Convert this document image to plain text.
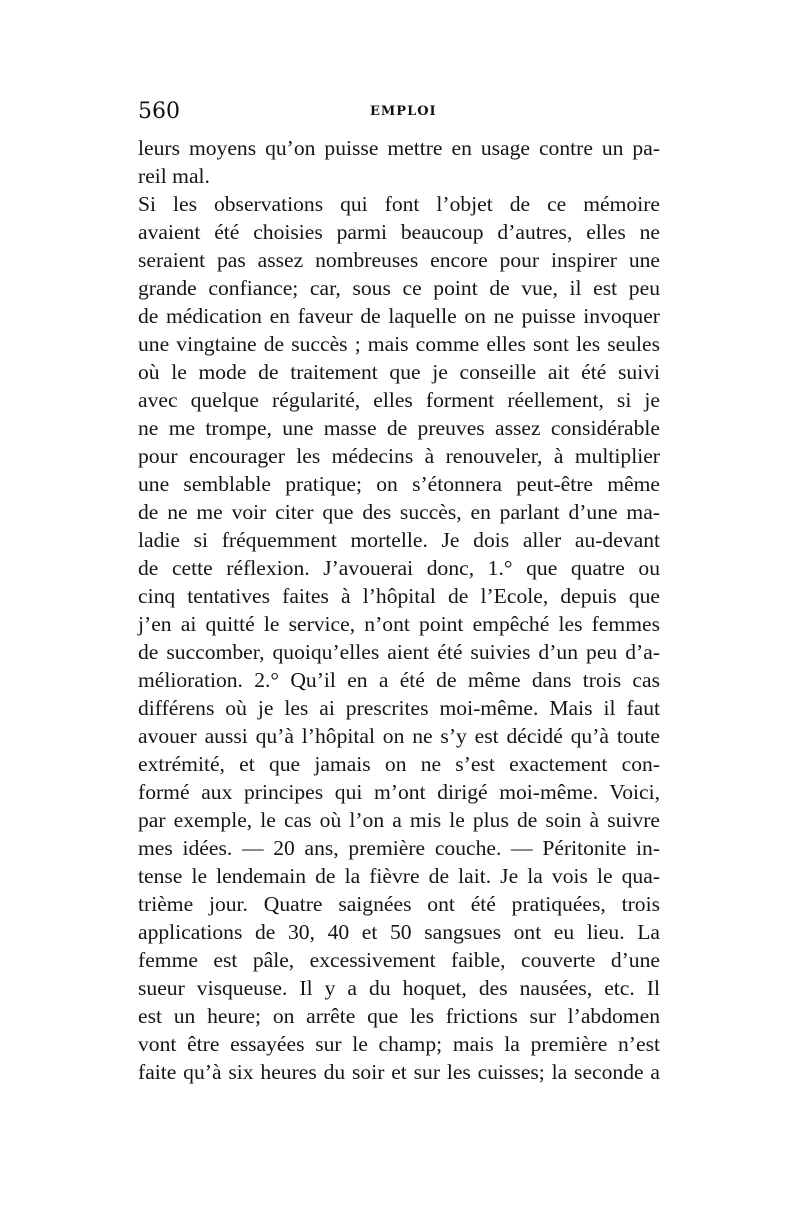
560	EMPLOI
leurs moyens qu’on puisse mettre en usage contre un pa-
reil mal.
Si les observations qui font l’objet de ce mémoire
avaient été choisies parmi beaucoup d’autres, elles ne
seraient pas assez nombreuses encore pour inspirer une
grande confiance; car, sous ce point de vue, il est peu
de médication en faveur de laquelle on ne puisse invoquer
une vingtaine de succès ; mais comme elles sont les seules
où le mode de traitement que je conseille ait été suivi
avec quelque régularité, elles forment réellement, si je
ne me trompe, une masse de preuves assez considérable
pour encourager les médecins à renouveler, à multiplier
une semblable pratique; on s’étonnera peut-être même
de ne me voir citer que des succès, en parlant d’une ma-
ladie si fréquemment mortelle. Je dois aller au-devant
de cette réflexion. J’avouerai donc, 1.° que quatre ou
cinq tentatives faites à l’hôpital de l’Ecole, depuis que
j’en ai quitté le service, n’ont point empêché les femmes
de succomber, quoiqu’elles aient été suivies d’un peu d’a-
mélioration. 2.° Qu’il en a été de même dans trois cas
différens où je les ai prescrites moi-même. Mais il faut
avouer aussi qu’à l’hôpital on ne s’y est décidé qu’à toute
extrémité, et que jamais on ne s’est exactement con-
formé aux principes qui m’ont dirigé moi-même. Voici,
par exemple, le cas où l’on a mis le plus de soin à suivre
mes idées. — 20 ans, première couche. — Péritonite in-
tense le lendemain de la fièvre de lait. Je la vois le qua-
trième jour. Quatre saignées ont été pratiquées, trois
applications de 30, 40 et 50 sangsues ont eu lieu. La
femme est pâle, excessivement faible, couverte d’une
sueur visqueuse. Il y a du hoquet, des nausées, etc. Il
est un heure; on arrête que les frictions sur l’abdomen
vont être essayées sur le champ; mais la première n’est
faite qu’à six heures du soir et sur les cuisses; la seconde a
